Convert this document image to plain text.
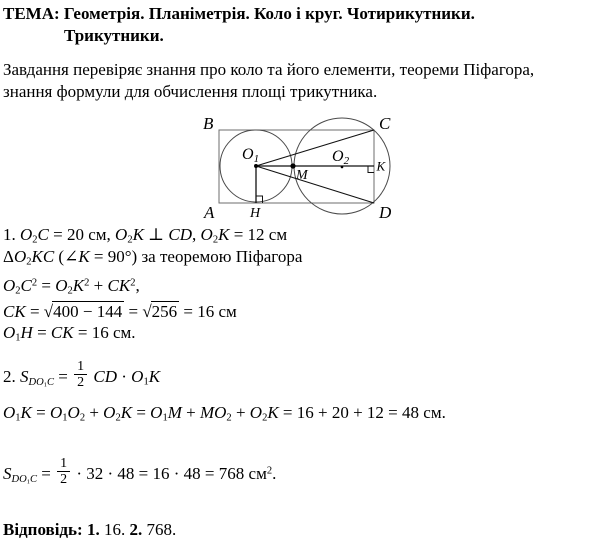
ТЕМА: Геометрія. Планіметрія. Коло і круг. Чотирикутники.
Трикутники.
Завдання перевіряє знання про коло та його елементи, теореми Піфагора,
знання формули для обчислення площі трикутника.
B	C
A	D
H
K
M
O1	O2
1. $O_2C = 20$ см, $O_2K$ ⊥ CD, $O_2K = 12$ см
$\Delta O_2KC$ (∠K = 90°) за теоремою Піфагора
$O_2C^2 = O_2K^2 + CK^2$,
CK = √400 − 144 = √256 = 16 см
$O_1H$ = CK = 16 см.
2. $S_{DO_1C} = \frac{1}{2}$ CD · $O_1K$
$O_1K = O_1O_2 + O_2K = O_1M + MO_2 + O_2K = 16 + 20 + 12 = 48$ см.
$S_{DO_1C} = \frac{1}{2} \cdot 32 \cdot 48 = 16 \cdot 48 = 768$ $см^2$.
Відповідь: 1. 16. 2. 768.
